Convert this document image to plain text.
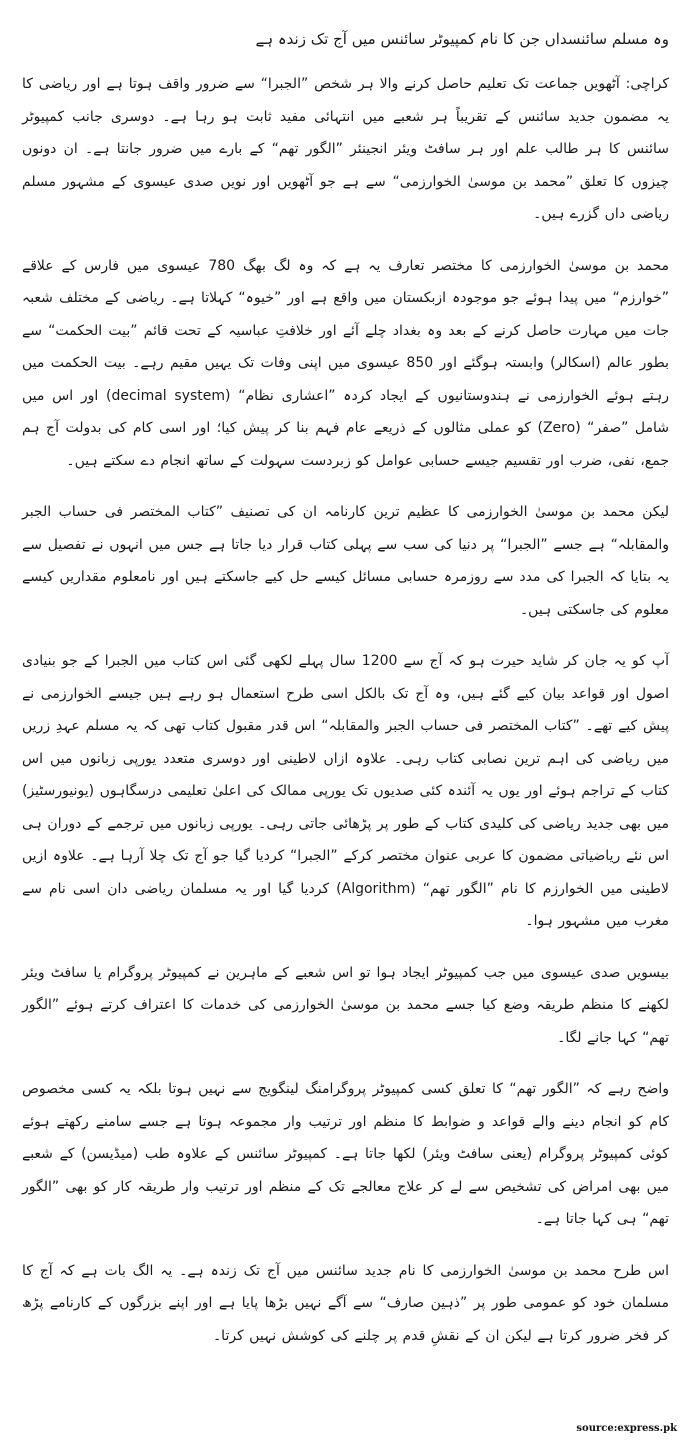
وہ مسلم سائنسداں جن کا نام کمپیوٹر سائنس میں آج تک زندہ ہے

کراچی: آٹھویں جماعت تک تعلیم حاصل کرنے والا ہر شخص ”الجبرا“ سے ضرور واقف ہوتا ہے اور ریاضی کا یہ مضمون جدید سائنس کے تقریباً ہر شعبے میں انتہائی مفید ثابت ہو رہا ہے۔ دوسری جانب کمپیوٹر سائنس کا ہر طالب علم اور ہر سافٹ ویئر انجینئر ”الگور تھم“ کے بارے میں ضرور جانتا ہے۔ ان دونوں چیزوں کا تعلق ”محمد بن موسیٰ الخوارزمی“ سے ہے جو آٹھویں اور نویں صدی عیسوی کے مشہور مسلم ریاضی داں گزرے ہیں۔

محمد بن موسیٰ الخوارزمی کا مختصر تعارف یہ ہے کہ وہ لگ بھگ 780 عیسوی میں فارس کے علاقے ”خوارزم“ میں پیدا ہوئے جو موجودہ ازبکستان میں واقع ہے اور ”خیوہ“ کہلاتا ہے۔ ریاضی کے مختلف شعبہ جات میں مہارت حاصل کرنے کے بعد وہ بغداد چلے آئے اور خلافتِ عباسیہ کے تحت قائم ”بیت الحکمت“ سے بطور عالم (اسکالر) وابستہ ہوگئے اور 850 عیسوی میں اپنی وفات تک یہیں مقیم رہے۔ بیت الحکمت میں رہتے ہوئے الخوارزمی نے ہندوستانیوں کے ایجاد کردہ ”اعشاری نظام“ (decimal system) اور اس میں شامل ”صفر“ (Zero) کو عملی مثالوں کے ذریعے عام فہم بنا کر پیش کیا؛ اور اسی کام کی بدولت آج ہم جمع، نفی، ضرب اور تقسیم جیسے حسابی عوامل کو زبردست سہولت کے ساتھ انجام دے سکتے ہیں۔

لیکن محمد بن موسیٰ الخوارزمی کا عظیم ترین کارنامہ ان کی تصنیف ”کتاب المختصر فی حساب الجبر والمقابلہ“ ہے جسے ”الجبرا“ پر دنیا کی سب سے پہلی کتاب قرار دیا جاتا ہے جس میں انہوں نے تفصیل سے یہ بتایا کہ الجبرا کی مدد سے روزمرہ حسابی مسائل کیسے حل کیے جاسکتے ہیں اور نامعلوم مقداریں کیسے معلوم کی جاسکتی ہیں۔

آپ کو یہ جان کر شاید حیرت ہو کہ آج سے 1200 سال پہلے لکھی گئی اس کتاب میں الجبرا کے جو بنیادی اصول اور قواعد بیان کیے گئے ہیں، وہ آج تک بالکل اسی طرح استعمال ہو رہے ہیں جیسے الخوارزمی نے پیش کیے تھے۔ ”کتاب المختصر فی حساب الجبر والمقابلہ“ اس قدر مقبول کتاب تھی کہ یہ مسلم عہدِ زریں میں ریاضی کی اہم ترین نصابی کتاب رہی۔ علاوہ ازاں لاطینی اور دوسری متعدد یورپی زبانوں میں اس کتاب کے تراجم ہوئے اور یوں یہ آئندہ کئی صدیوں تک یورپی ممالک کی اعلیٰ تعلیمی درسگاہوں (یونیورسٹیز) میں بھی جدید ریاضی کی کلیدی کتاب کے طور پر پڑھائی جاتی رہی۔ یورپی زبانوں میں ترجمے کے دوران ہی اس نئے ریاضیاتی مضمون کا عربی عنوان مختصر کرکے ”الجبرا“ کردیا گیا جو آج تک چلا آرہا ہے۔ علاوہ ازیں لاطینی میں الخوارزم کا نام ”الگور تھم“ (Algorithm) کردیا گیا اور یہ مسلمان ریاضی دان اسی نام سے مغرب میں مشہور ہوا۔

بیسویں صدی عیسوی میں جب کمپیوٹر ایجاد ہوا تو اس شعبے کے ماہرین نے کمپیوٹر پروگرام یا سافٹ ویئر لکھنے کا منظم طریقہ وضع کیا جسے محمد بن موسیٰ الخوارزمی کی خدمات کا اعتراف کرتے ہوئے ”الگور تھم“ کہا جانے لگا۔

واضح رہے کہ ”الگور تھم“ کا تعلق کسی کمپیوٹر پروگرامنگ لینگویج سے نہیں ہوتا بلکہ یہ کسی مخصوص کام کو انجام دینے والے قواعد و ضوابط کا منظم اور ترتیب وار مجموعہ ہوتا ہے جسے سامنے رکھتے ہوئے کوئی کمپیوٹر پروگرام (یعنی سافٹ ویئر) لکھا جاتا ہے۔ کمپیوٹر سائنس کے علاوہ طب (میڈیسن) کے شعبے میں بھی امراض کی تشخیص سے لے کر علاج معالجے تک کے منظم اور ترتیب وار طریقہ کار کو بھی ”الگور تھم“ ہی کہا جاتا ہے۔

اس طرح محمد بن موسیٰ الخوارزمی کا نام جدید سائنس میں آج تک زندہ ہے۔ یہ الگ بات ہے کہ آج کا مسلمان خود کو عمومی طور پر ”ذہین صارف“ سے آگے نہیں بڑھا پایا ہے اور اپنے بزرگوں کے کارنامے پڑھ کر فخر ضرور کرتا ہے لیکن ان کے نقشِ قدم پر چلنے کی کوشش نہیں کرتا۔

source:express.pk
